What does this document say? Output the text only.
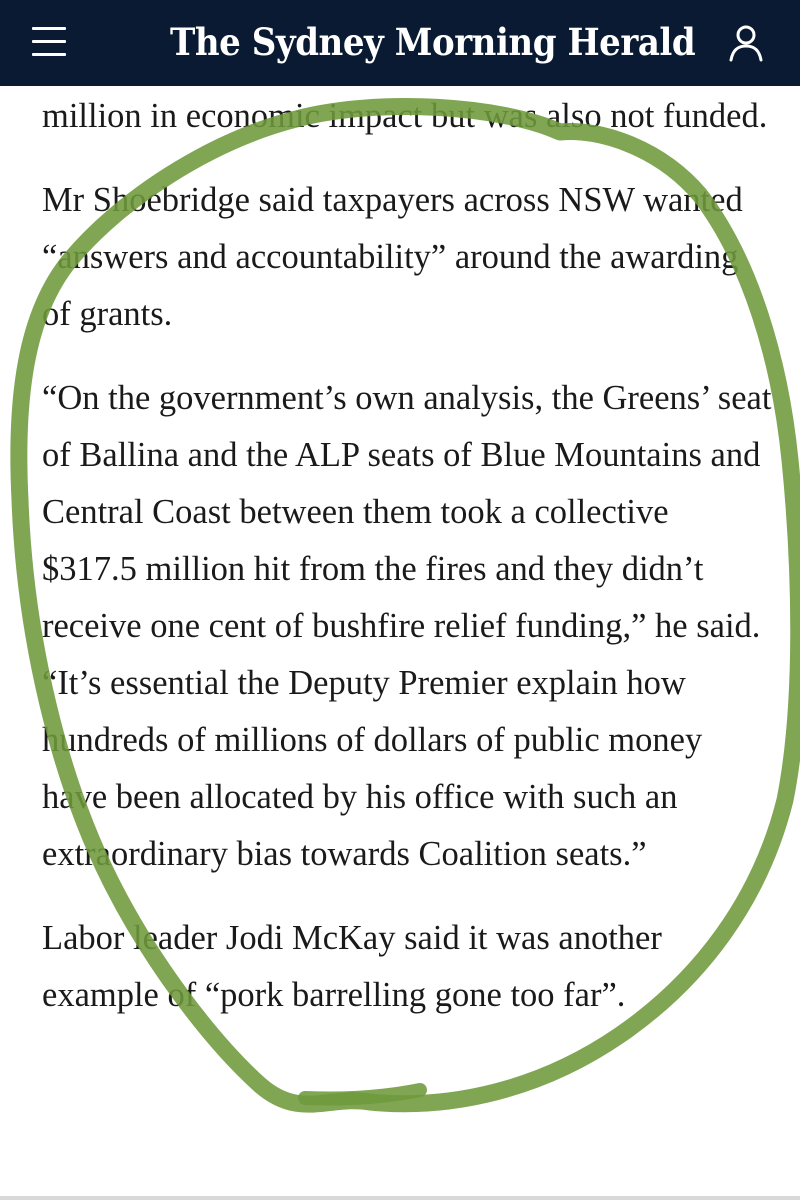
The Sydney Morning Herald

million in economic impact but was also not funded.

Mr Shoebridge said taxpayers across NSW wanted “answers and accountability” around the awarding of grants.

“On the government’s own analysis, the Greens’ seat of Ballina and the ALP seats of Blue Mountains and Central Coast between them took a collective $317.5 million hit from the fires and they didn’t receive one cent of bushfire relief funding,” he said. “It’s essential the Deputy Premier explain how hundreds of millions of dollars of public money have been allocated by his office with such an extraordinary bias towards Coalition seats.”

Labor leader Jodi McKay said it was another example of “pork barrelling gone too far”.
